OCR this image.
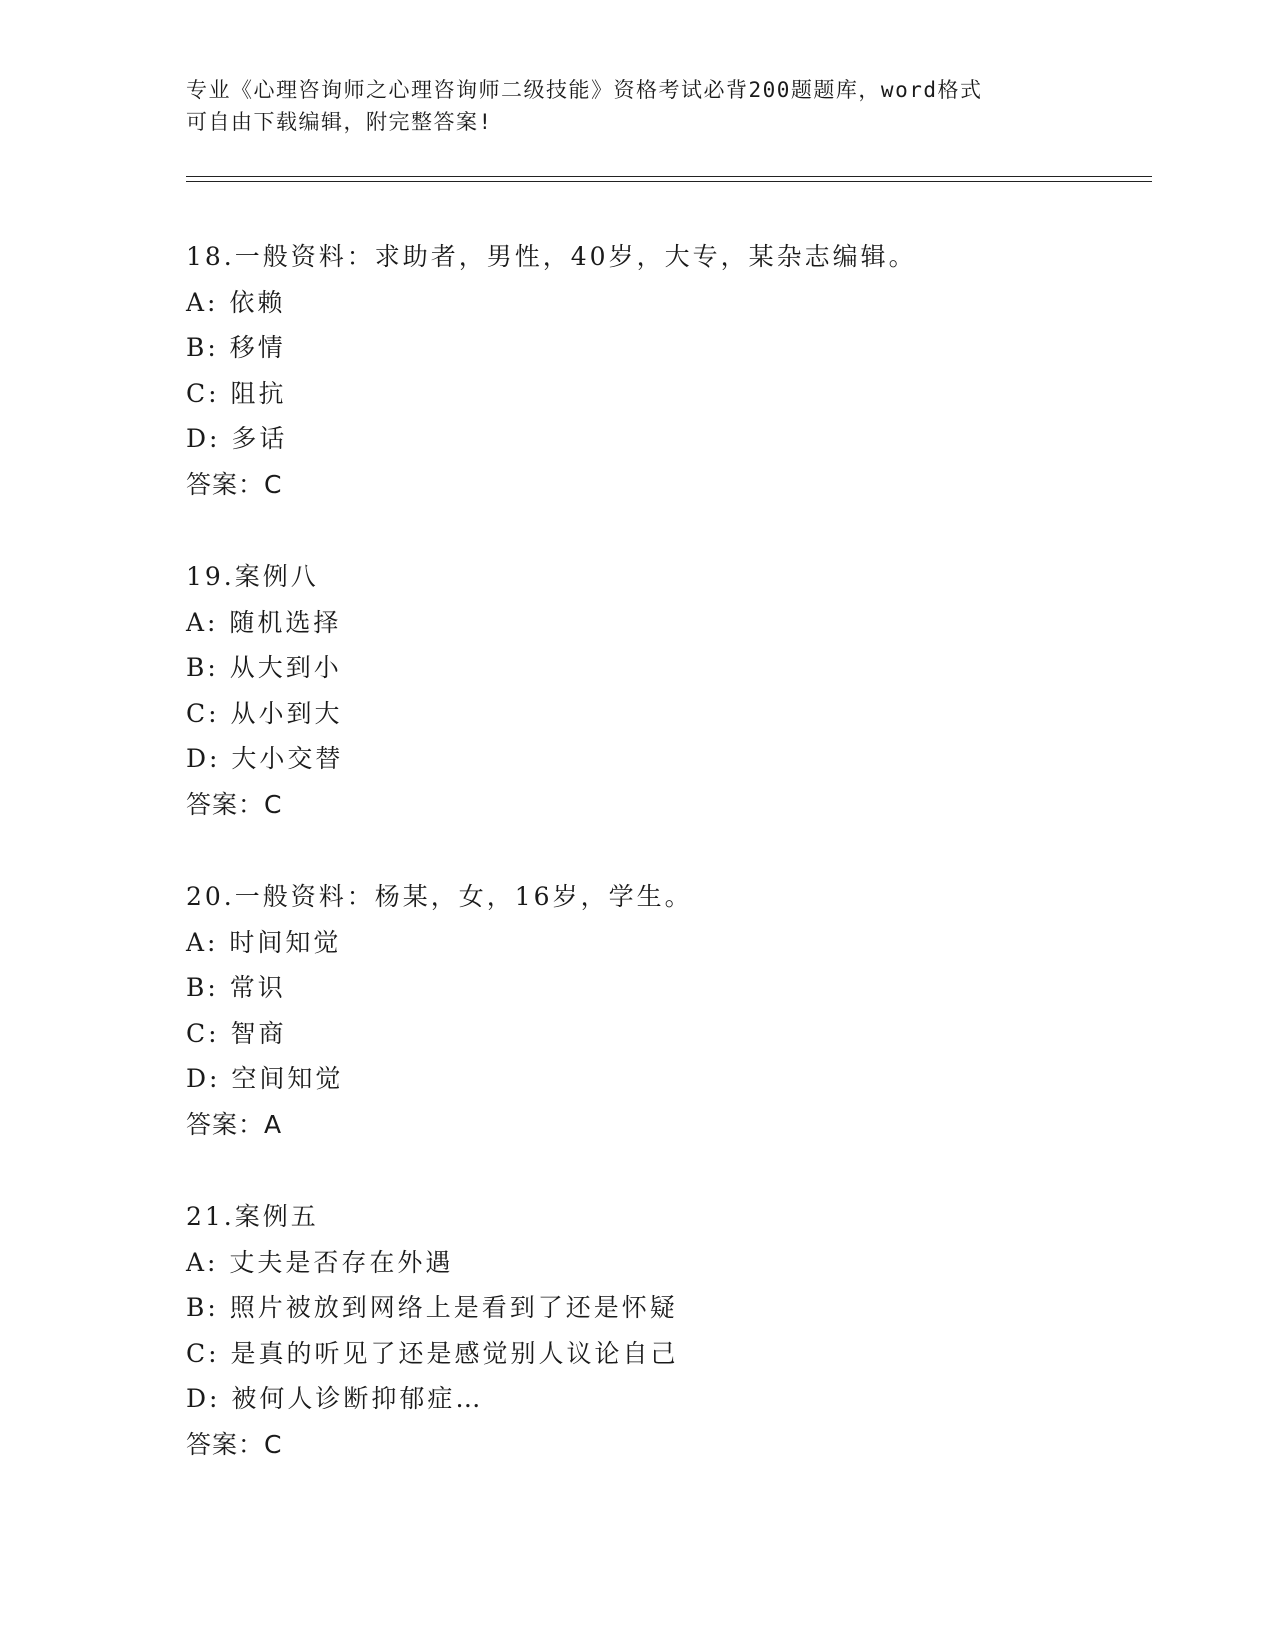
专业《心理咨询师之心理咨询师二级技能》资格考试必背200题题库，word格式
可自由下载编辑，附完整答案!
18.一般资料：求助者，男性，40岁，大专，某杂志编辑。
A: 依赖
B: 移情
C: 阻抗
D: 多话
答案：C
19.案例八
A: 随机选择
B: 从大到小
C: 从小到大
D: 大小交替
答案：C
20.一般资料：杨某，女，16岁，学生。
A: 时间知觉
B: 常识
C: 智商
D: 空间知觉
答案：A
21.案例五
A: 丈夫是否存在外遇
B: 照片被放到网络上是看到了还是怀疑
C: 是真的听见了还是感觉别人议论自己
D: 被何人诊断抑郁症…
答案：C
